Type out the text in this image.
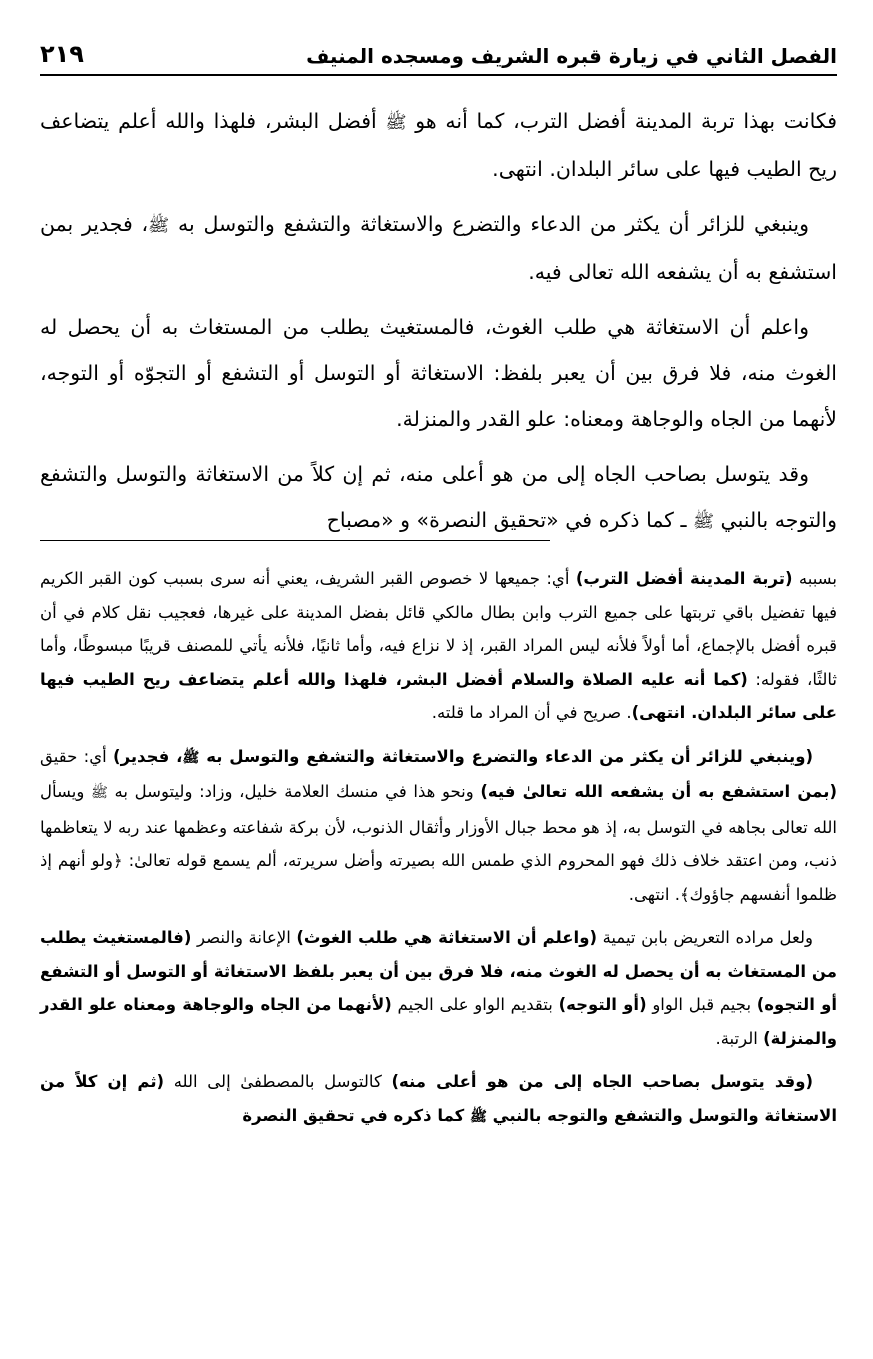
الفصل الثاني في زيارة قبره الشريف ومسجده المنيف
٢١٩

فكانت بهذا تربة المدينة أفضل الترب، كما أنه هو ﷺ أفضل البشر، فلهذا والله أعلم يتضاعف ريح الطيب فيها على سائر البلدان. انتهى.

وينبغي للزائر أن يكثر من الدعاء والتضرع والاستغاثة والتشفع والتوسل به ﷺ، فجدير بمن استشفع به أن يشفعه الله تعالى فيه.

واعلم أن الاستغاثة هي طلب الغوث، فالمستغيث يطلب من المستغاث به أن يحصل له الغوث منه، فلا فرق بين أن يعبر بلفظ: الاستغاثة أو التوسل أو التشفع أو التجوّه أو التوجه، لأنهما من الجاه والوجاهة ومعناه: علو القدر والمنزلة.

وقد يتوسل بصاحب الجاه إلى من هو أعلى منه، ثم إن كلاً من الاستغاثة والتوسل والتشفع والتوجه بالنبي ﷺ ـ كما ذكره في «تحقيق النصرة» و «مصباح

بسببه (تربة المدينة أفضل الترب) أي: جميعها لا خصوص القبر الشريف، يعني أنه سرى بسبب كون القبر الكريم فيها تفضيل باقي تربتها على جميع الترب وابن بطال مالكي قائل بفضل المدينة على غيرها، فعجيب نقل كلام في أن قبره أفضل بالإجماع، أما أولاً فلأنه ليس المراد القبر، إذ لا نزاع فيه، وأما ثانيًا، فلأنه يأتي للمصنف قريبًا مبسوطًا، وأما ثالثًا، فقوله: (كما أنه عليه الصلاة والسلام أفضل البشر، فلهذا والله أعلم يتضاعف ريح الطيب فيها على سائر البلدان. انتهى). صريح في أن المراد ما قلته.

(وينبغي للزائر أن يكثر من الدعاء والتضرع والاستغاثة والتشفع والتوسل به ﷺ، فجدير) أي: حقيق (بمن استشفع به أن يشفعه الله تعالىٰ فيه) ونحو هذا في منسك العلامة خليل، وزاد: وليتوسل به ﷺ ويسأل الله تعالى بجاهه في التوسل به، إذ هو محط جبال الأوزار وأثقال الذنوب، لأن بركة شفاعته وعظمها عند ربه لا يتعاظمها ذنب، ومن اعتقد خلاف ذلك فهو المحروم الذي طمس الله بصيرته وأضل سريرته، ألم يسمع قوله تعالىٰ: ﴿ولو أنهم إذ ظلموا أنفسهم جاؤوك﴾. انتهى.

ولعل مراده التعريض بابن تيمية (واعلم أن الاستغاثة هي طلب الغوث) الإعانة والنصر (فالمستغيث يطلب من المستغاث به أن يحصل له الغوث منه، فلا فرق بين أن يعبر بلفظ الاستغاثة أو التوسل أو التشفع أو التجوه) بجيم قبل الواو (أو التوجه) بتقديم الواو على الجيم (لأنهما من الجاه والوجاهة ومعناه علو القدر والمنزلة) الرتبة.

(وقد يتوسل بصاحب الجاه إلى من هو أعلى منه) كالتوسل بالمصطفىٰ إلى الله (ثم إن كلاً من الاستغاثة والتوسل والتشفع والتوجه بالنبي ﷺ كما ذكره في تحقيق النصرة
